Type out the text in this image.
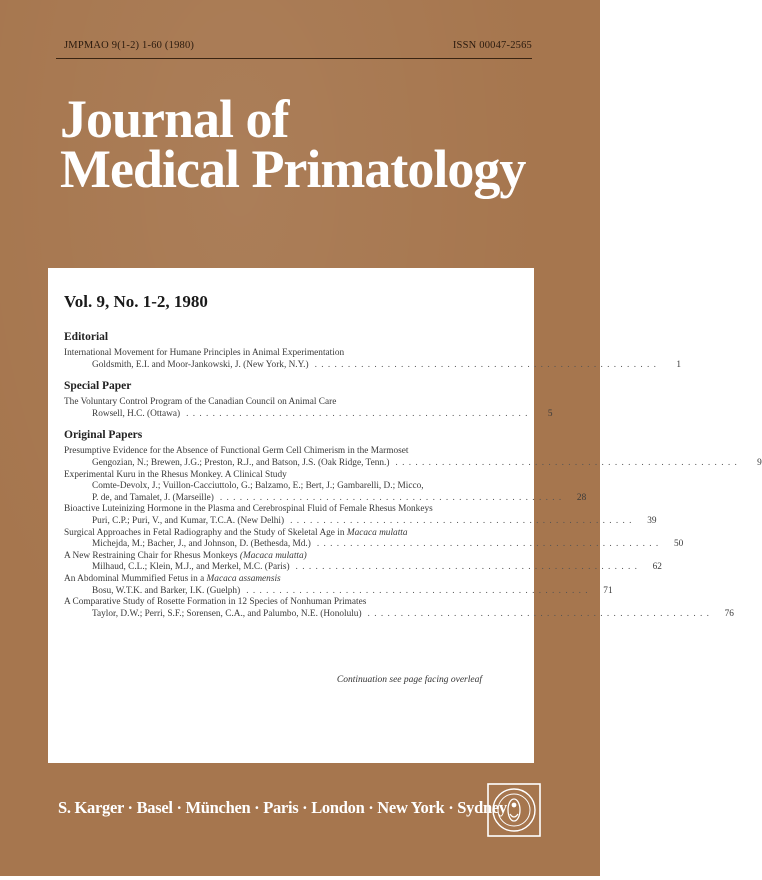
JMPMAO 9(1-2) 1-60 (1980)	ISSN 00047-2565
Journal of
Medical Primatology
Vol. 9, No. 1-2, 1980
Editorial
International Movement for Humane Principles in Animal Experimentation
Goldsmith, E.I. and Moor-Jankowski, J. (New York, N.Y.) . . . . . . . . . . . . . . . . . . . . . . . . . . . . . . . . . . . . . . . . . . . . . . . . . . . .	1
Special Paper
The Voluntary Control Program of the Canadian Council on Animal Care
Rowsell, H.C. (Ottawa) . . . . . . . . . . . . . . . . . . . . . . . . . . . . . . . . . . . . . . . . . . . . . . . . . . . .	5
Original Papers
Presumptive Evidence for the Absence of Functional Germ Cell Chimerism in the Marmoset
Gengozian, N.; Brewen, J.G.; Preston, R.J., and Batson, J.S. (Oak Ridge, Tenn.) . . . . . . . . . . . . . . . . . . . . . . . . . . . . . . . . . . . . . . . . . . . . . . . . . . . .	9
Experimental Kuru in the Rhesus Monkey. A Clinical Study
Comte-Devolx, J.; Vuillon-Cacciuttolo, G.; Balzamo, E.; Bert, J.; Gambarelli, D.; Micco,
P. de, and Tamalet, J. (Marseille) . . . . . . . . . . . . . . . . . . . . . . . . . . . . . . . . . . . . . . . . . . . . . . . . . . . .	28
Bioactive Luteinizing Hormone in the Plasma and Cerebrospinal Fluid of Female Rhesus Monkeys
Puri, C.P.; Puri, V., and Kumar, T.C.A. (New Delhi) . . . . . . . . . . . . . . . . . . . . . . . . . . . . . . . . . . . . . . . . . . . . . . . . . . . .	39
Surgical Approaches in Fetal Radiography and the Study of Skeletal Age in Macaca mulatta
Michejda, M.; Bacher, J., and Johnson, D. (Bethesda, Md.) . . . . . . . . . . . . . . . . . . . . . . . . . . . . . . . . . . . . . . . . . . . . . . . . . . . .	50
A New Restraining Chair for Rhesus Monkeys (Macaca mulatta)
Milhaud, C.L.; Klein, M.J., and Merkel, M.C. (Paris) . . . . . . . . . . . . . . . . . . . . . . . . . . . . . . . . . . . . . . . . . . . . . . . . . . . .	62
An Abdominal Mummified Fetus in a Macaca assamensis
Bosu, W.T.K. and Barker, I.K. (Guelph) . . . . . . . . . . . . . . . . . . . . . . . . . . . . . . . . . . . . . . . . . . . . . . . . . . . .	71
A Comparative Study of Rosette Formation in 12 Species of Nonhuman Primates
Taylor, D.W.; Perri, S.F.; Sorensen, C.A., and Palumbo, N.E. (Honolulu) . . . . . . . . . . . . . . . . . . . . . . . . . . . . . . . . . . . . . . . . . . . . . . . . . . . .	76
Continuation see page facing overleaf
S. Karger · Basel · München · Paris · London · New York · Sydney
